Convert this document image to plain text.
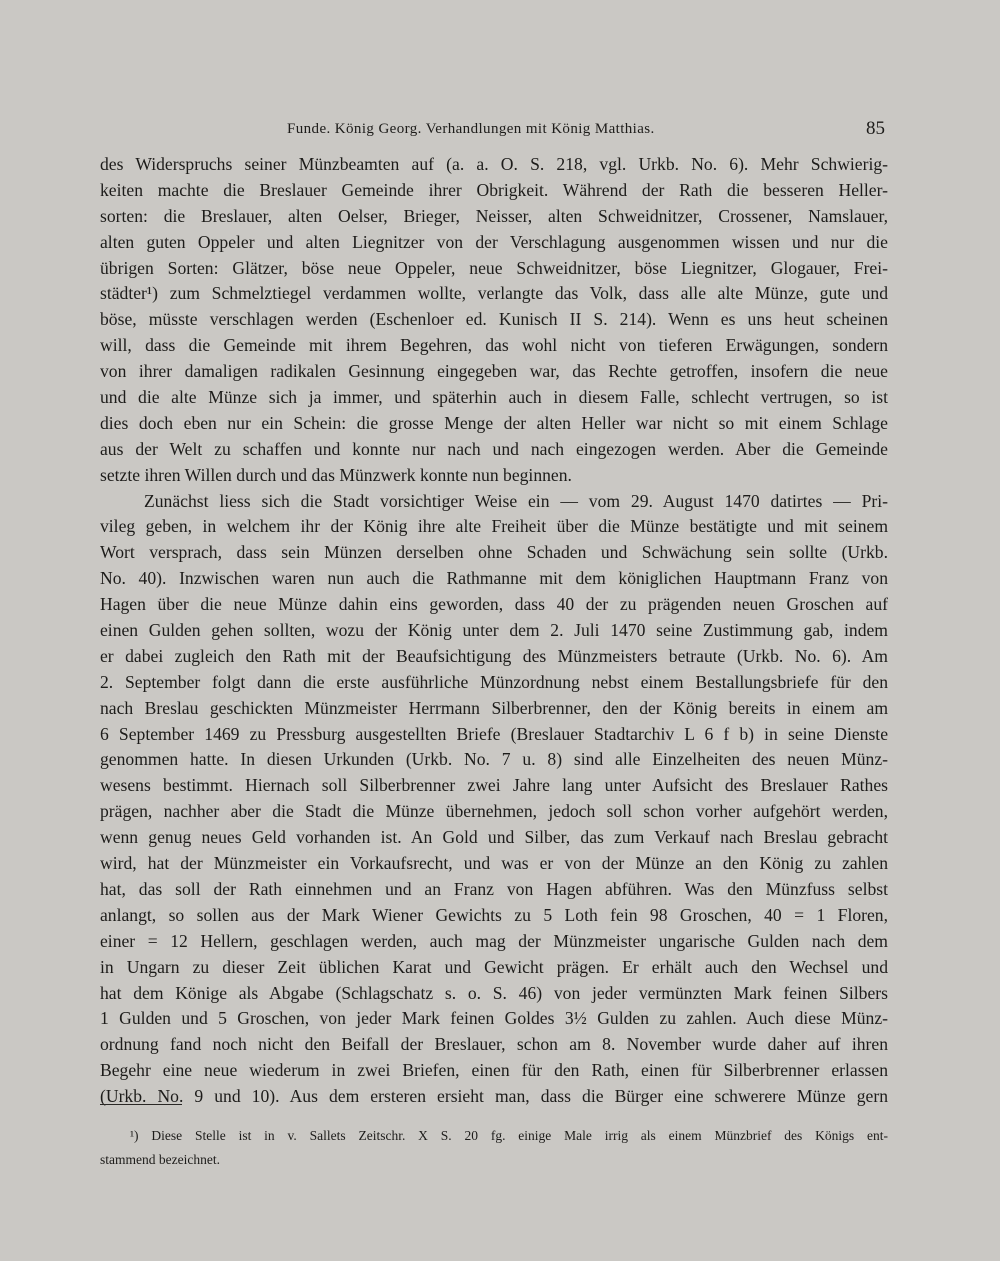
Funde. König Georg. Verhandlungen mit König Matthias.	85
des Widerspruchs seiner Münzbeamten auf (a. a. O. S. 218, vgl. Urkb. No. 6). Mehr Schwierig-
keiten machte die Breslauer Gemeinde ihrer Obrigkeit. Während der Rath die besseren Heller-
sorten: die Breslauer, alten Oelser, Brieger, Neisser, alten Schweidnitzer, Crossener, Namslauer,
alten guten Oppeler und alten Liegnitzer von der Verschlagung ausgenommen wissen und nur die
übrigen Sorten: Glätzer, böse neue Oppeler, neue Schweidnitzer, böse Liegnitzer, Glogauer, Frei-
städter¹) zum Schmelztiegel verdammen wollte, verlangte das Volk, dass alle alte Münze, gute und
böse, müsste verschlagen werden (Eschenloer ed. Kunisch II S. 214). Wenn es uns heut scheinen
will, dass die Gemeinde mit ihrem Begehren, das wohl nicht von tieferen Erwägungen, sondern
von ihrer damaligen radikalen Gesinnung eingegeben war, das Rechte getroffen, insofern die neue
und die alte Münze sich ja immer, und späterhin auch in diesem Falle, schlecht vertrugen, so ist
dies doch eben nur ein Schein: die grosse Menge der alten Heller war nicht so mit einem Schlage
aus der Welt zu schaffen und konnte nur nach und nach eingezogen werden. Aber die Gemeinde
setzte ihren Willen durch und das Münzwerk konnte nun beginnen.
Zunächst liess sich die Stadt vorsichtiger Weise ein — vom 29. August 1470 datirtes — Pri-
vileg geben, in welchem ihr der König ihre alte Freiheit über die Münze bestätigte und mit seinem
Wort versprach, dass sein Münzen derselben ohne Schaden und Schwächung sein sollte (Urkb.
No. 40). Inzwischen waren nun auch die Rathmanne mit dem königlichen Hauptmann Franz von
Hagen über die neue Münze dahin eins geworden, dass 40 der zu prägenden neuen Groschen auf
einen Gulden gehen sollten, wozu der König unter dem 2. Juli 1470 seine Zustimmung gab, indem
er dabei zugleich den Rath mit der Beaufsichtigung des Münzmeisters betraute (Urkb. No. 6). Am
2. September folgt dann die erste ausführliche Münzordnung nebst einem Bestallungsbriefe für den
nach Breslau geschickten Münzmeister Herrmann Silberbrenner, den der König bereits in einem am
6 September 1469 zu Pressburg ausgestellten Briefe (Breslauer Stadtarchiv L 6 f b) in seine Dienste
genommen hatte. In diesen Urkunden (Urkb. No. 7 u. 8) sind alle Einzelheiten des neuen Münz-
wesens bestimmt. Hiernach soll Silberbrenner zwei Jahre lang unter Aufsicht des Breslauer Rathes
prägen, nachher aber die Stadt die Münze übernehmen, jedoch soll schon vorher aufgehört werden,
wenn genug neues Geld vorhanden ist. An Gold und Silber, das zum Verkauf nach Breslau gebracht
wird, hat der Münzmeister ein Vorkaufsrecht, und was er von der Münze an den König zu zahlen
hat, das soll der Rath einnehmen und an Franz von Hagen abführen. Was den Münzfuss selbst
anlangt, so sollen aus der Mark Wiener Gewichts zu 5 Loth fein 98 Groschen, 40 = 1 Floren,
einer = 12 Hellern, geschlagen werden, auch mag der Münzmeister ungarische Gulden nach dem
in Ungarn zu dieser Zeit üblichen Karat und Gewicht prägen. Er erhält auch den Wechsel und
hat dem Könige als Abgabe (Schlagschatz s. o. S. 46) von jeder vermünzten Mark feinen Silbers
1 Gulden und 5 Groschen, von jeder Mark feinen Goldes 3½ Gulden zu zahlen. Auch diese Münz-
ordnung fand noch nicht den Beifall der Breslauer, schon am 8. November wurde daher auf ihren
Begehr eine neue wiederum in zwei Briefen, einen für den Rath, einen für Silberbrenner erlassen
(Urkb. No. 9 und 10). Aus dem ersteren ersieht man, dass die Bürger eine schwerere Münze gern
¹) Diese Stelle ist in v. Sallets Zeitschr. X S. 20 fg. einige Male irrig als einem Münzbrief des Königs ent-
stammend bezeichnet.
